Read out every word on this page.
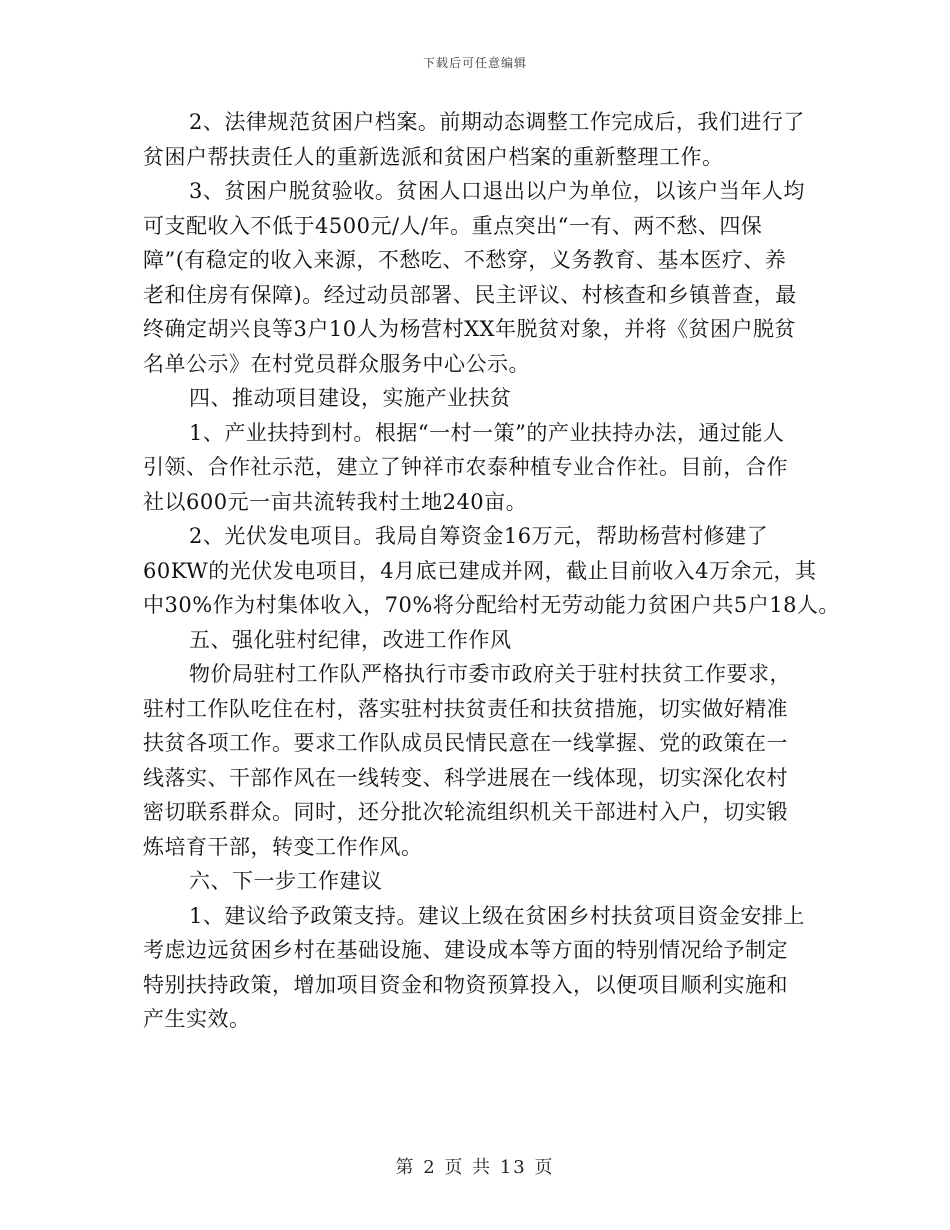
下载后可任意编辑
2、法律规范贫困户档案。前期动态调整工作完成后，我们进行了
贫困户帮扶责任人的重新选派和贫困户档案的重新整理工作。
3、贫困户脱贫验收。贫困人口退出以户为单位，以该户当年人均
可支配收入不低于4500元/人/年。重点突出“一有、两不愁、四保
障”(有稳定的收入来源，不愁吃、不愁穿，义务教育、基本医疗、养
老和住房有保障)。经过动员部署、民主评议、村核查和乡镇普查，最
终确定胡兴良等3户10人为杨营村XX年脱贫对象，并将《贫困户脱贫
名单公示》在村党员群众服务中心公示。
四、推动项目建设，实施产业扶贫
1、产业扶持到村。根据“一村一策”的产业扶持办法，通过能人
引领、合作社示范，建立了钟祥市农泰种植专业合作社。目前，合作
社以600元一亩共流转我村土地240亩。
2、光伏发电项目。我局自筹资金16万元，帮助杨营村修建了
60KW的光伏发电项目，4月底已建成并网，截止目前收入4万余元，其
中30%作为村集体收入，70%将分配给村无劳动能力贫困户共5户18人。
五、强化驻村纪律，改进工作作风
物价局驻村工作队严格执行市委市政府关于驻村扶贫工作要求，
驻村工作队吃住在村，落实驻村扶贫责任和扶贫措施，切实做好精准
扶贫各项工作。要求工作队成员民情民意在一线掌握、党的政策在一
线落实、干部作风在一线转变、科学进展在一线体现，切实深化农村
密切联系群众。同时，还分批次轮流组织机关干部进村入户，切实锻
炼培育干部，转变工作作风。
六、下一步工作建议
1、建议给予政策支持。建议上级在贫困乡村扶贫项目资金安排上
考虑边远贫困乡村在基础设施、建设成本等方面的特别情况给予制定
特别扶持政策，增加项目资金和物资预算投入，以便项目顺利实施和
产生实效。
第 2 页 共 13 页
